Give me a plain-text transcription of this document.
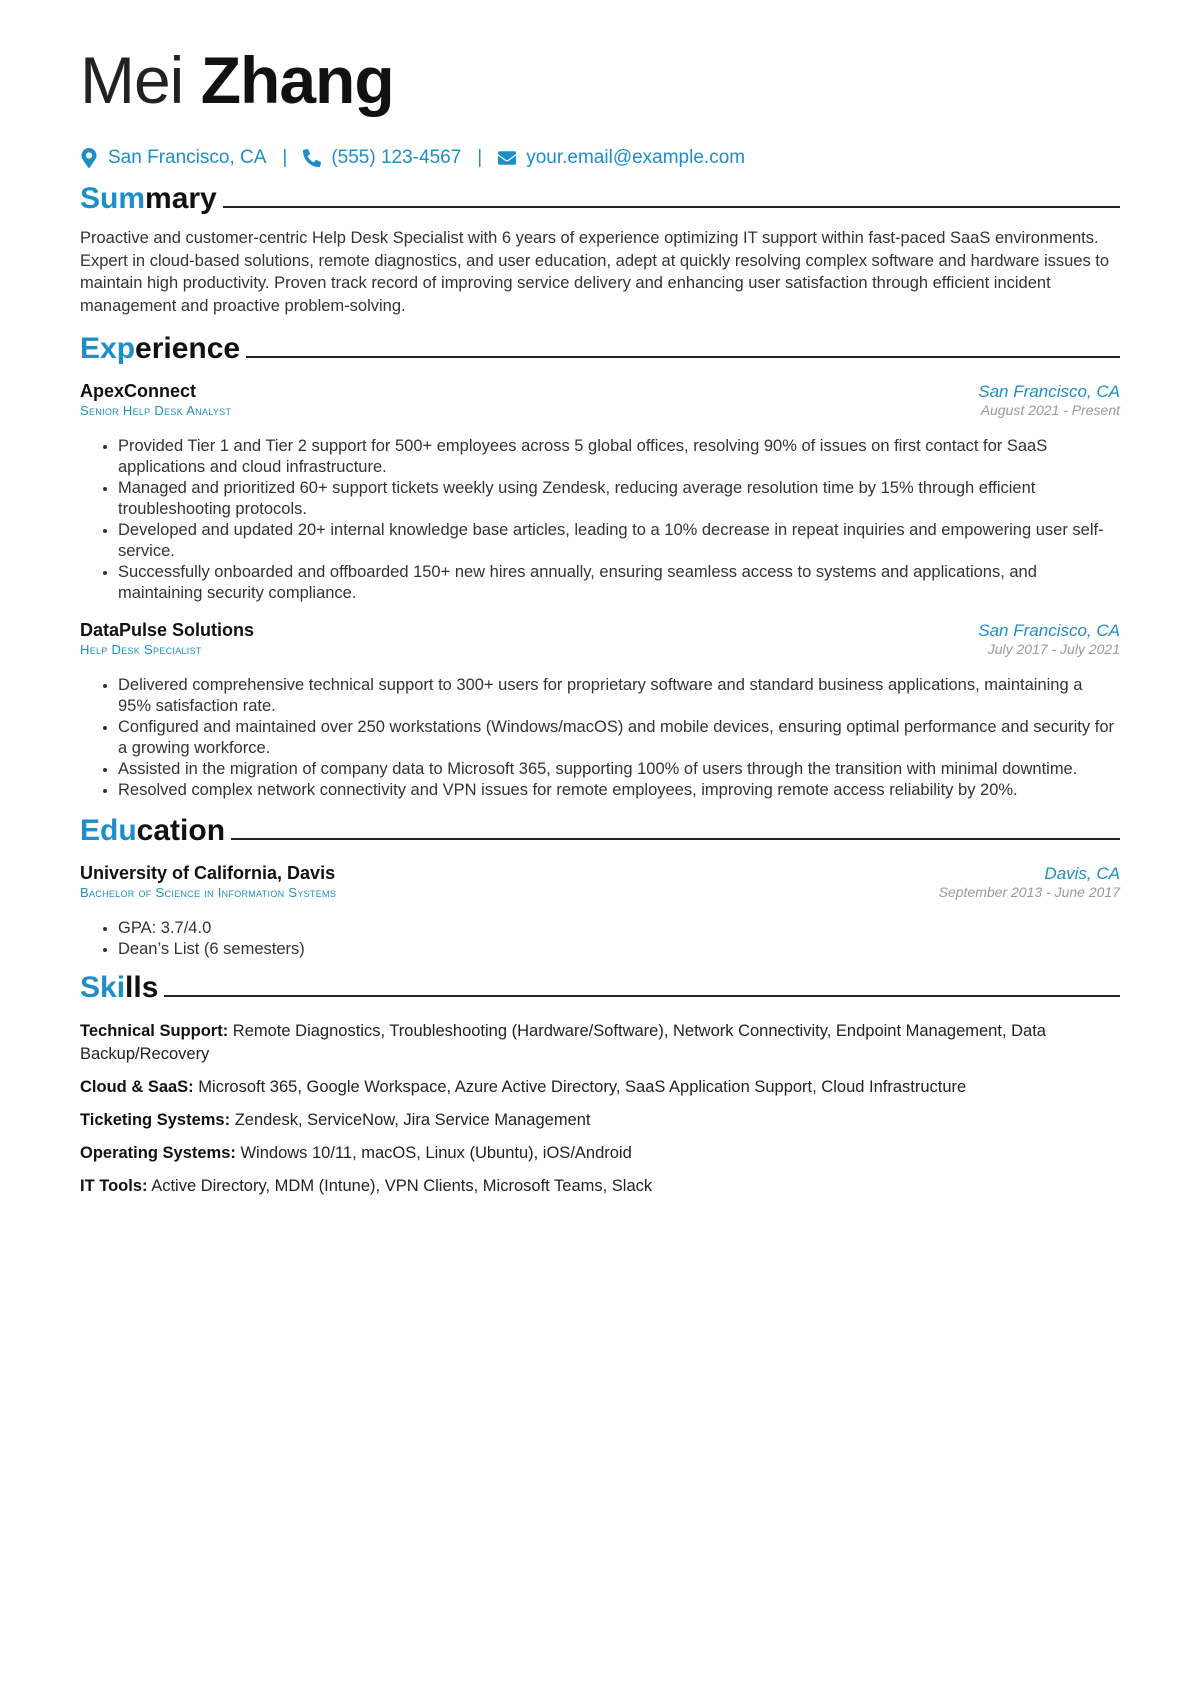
Mei Zhang
San Francisco, CA | (555) 123-4567 | your.email@example.com
Summary

Proactive and customer-centric Help Desk Specialist with 6 years of experience optimizing IT support within fast-paced SaaS environments. Expert in cloud-based solutions, remote diagnostics, and user education, adept at quickly resolving complex software and hardware issues to maintain high productivity. Proven track record of improving service delivery and enhancing user satisfaction through efficient incident management and proactive problem-solving.

Experience
ApexConnect	San Francisco, CA
Senior Help Desk Analyst	August 2021 - Present
• Provided Tier 1 and Tier 2 support for 500+ employees across 5 global offices, resolving 90% of issues on first contact for SaaS applications and cloud infrastructure.
• Managed and prioritized 60+ support tickets weekly using Zendesk, reducing average resolution time by 15% through efficient troubleshooting protocols.
• Developed and updated 20+ internal knowledge base articles, leading to a 10% decrease in repeat inquiries and empowering user self-service.
• Successfully onboarded and offboarded 150+ new hires annually, ensuring seamless access to systems and applications, and maintaining security compliance.
DataPulse Solutions	San Francisco, CA
Help Desk Specialist	July 2017 - July 2021
• Delivered comprehensive technical support to 300+ users for proprietary software and standard business applications, maintaining a 95% satisfaction rate.
• Configured and maintained over 250 workstations (Windows/macOS) and mobile devices, ensuring optimal performance and security for a growing workforce.
• Assisted in the migration of company data to Microsoft 365, supporting 100% of users through the transition with minimal downtime.
• Resolved complex network connectivity and VPN issues for remote employees, improving remote access reliability by 20%.
Education
University of California, Davis	Davis, CA
Bachelor of Science in Information Systems	September 2013 - June 2017
• GPA: 3.7/4.0
• Dean’s List (6 semesters)
Skills
Technical Support: Remote Diagnostics, Troubleshooting (Hardware/Software), Network Connectivity, Endpoint Management, Data Backup/Recovery
Cloud & SaaS: Microsoft 365, Google Workspace, Azure Active Directory, SaaS Application Support, Cloud Infrastructure
Ticketing Systems: Zendesk, ServiceNow, Jira Service Management
Operating Systems: Windows 10/11, macOS, Linux (Ubuntu), iOS/Android
IT Tools: Active Directory, MDM (Intune), VPN Clients, Microsoft Teams, Slack
